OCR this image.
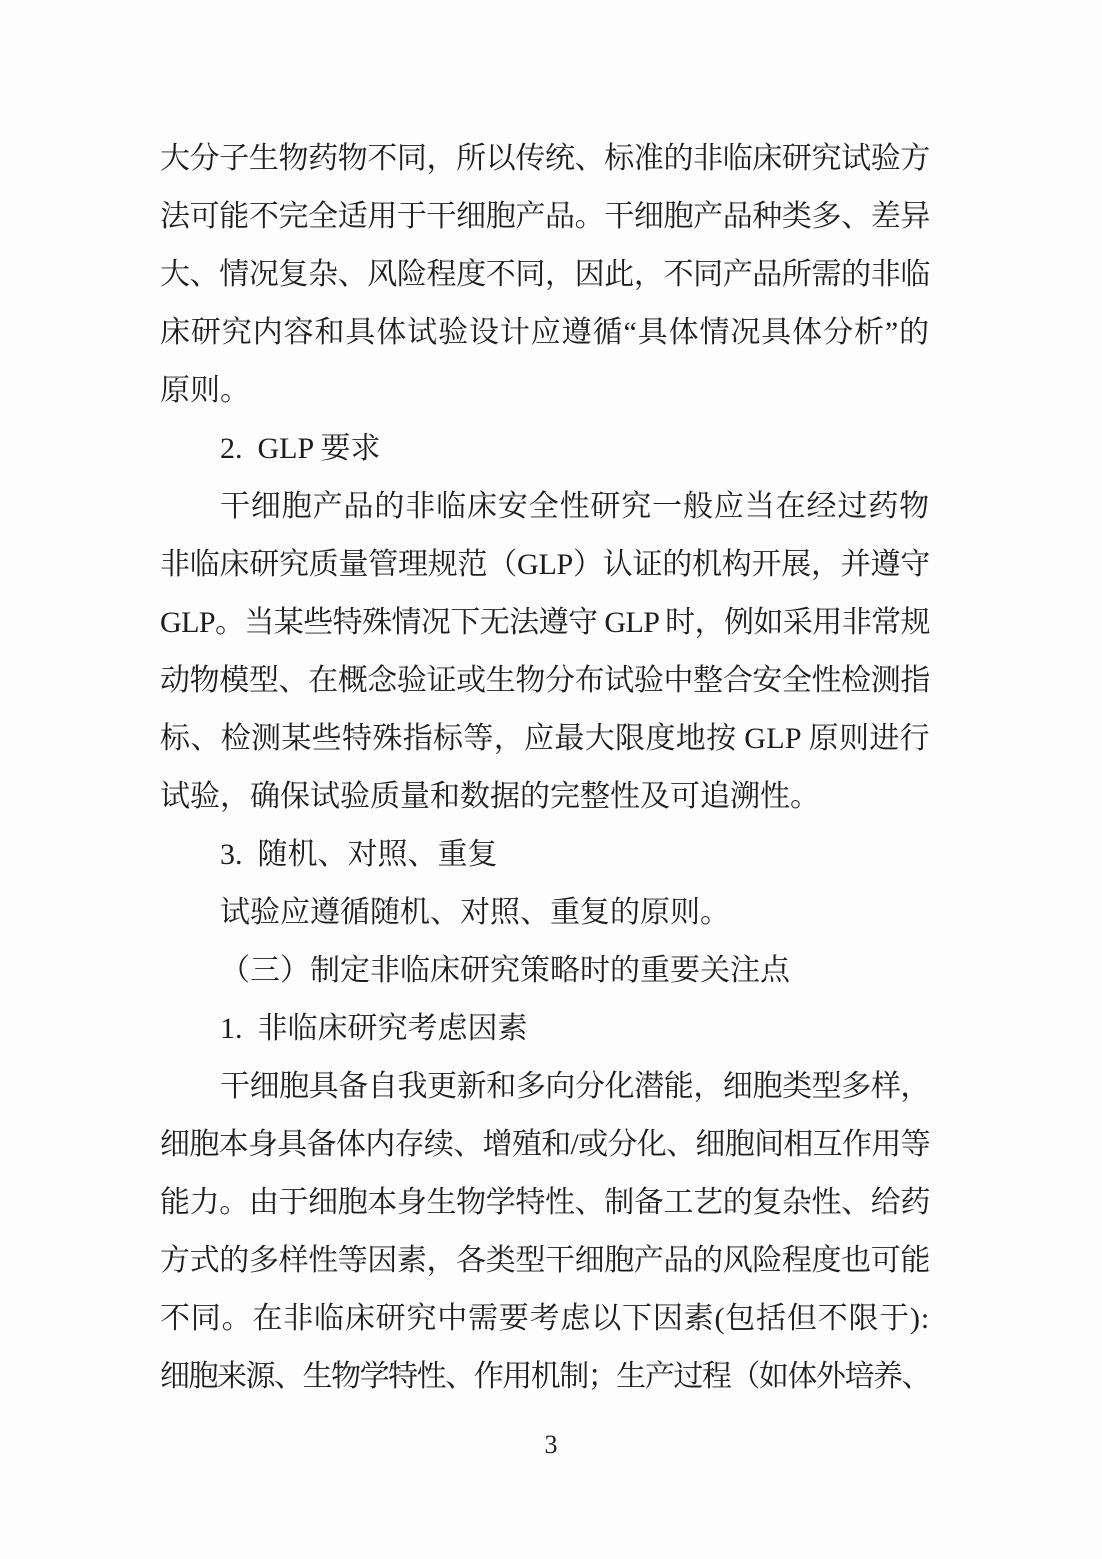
大分子生物药物不同，所以传统、标准的非临床研究试验方
法可能不完全适用于干细胞产品。干细胞产品种类多、差异
大、情况复杂、风险程度不同，因此，不同产品所需的非临
床研究内容和具体试验设计应遵循“具体情况具体分析”的
原则。
2.  GLP 要求
干细胞产品的非临床安全性研究一般应当在经过药物
非临床研究质量管理规范（GLP）认证的机构开展，并遵守
GLP。当某些特殊情况下无法遵守 GLP 时，例如采用非常规
动物模型、在概念验证或生物分布试验中整合安全性检测指
标、检测某些特殊指标等，应最大限度地按 GLP 原则进行
试验，确保试验质量和数据的完整性及可追溯性。
3.  随机、对照、重复
试验应遵循随机、对照、重复的原则。
（三）制定非临床研究策略时的重要关注点
1.  非临床研究考虑因素
干细胞具备自我更新和多向分化潜能，细胞类型多样，
细胞本身具备体内存续、增殖和/或分化、细胞间相互作用等
能力。由于细胞本身生物学特性、制备工艺的复杂性、给药
方式的多样性等因素，各类型干细胞产品的风险程度也可能
不同。在非临床研究中需要考虑以下因素(包括但不限于):
细胞来源、生物学特性、作用机制；生产过程（如体外培养、
3
